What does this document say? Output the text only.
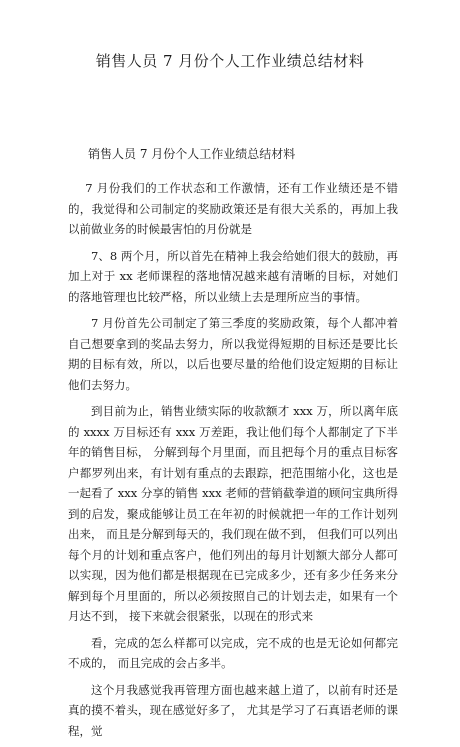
销售人员 7 月份个人工作业绩总结材料
销售人员 7 月份个人工作业绩总结材料

7 月份我们的工作状态和工作激情，还有工作业绩还是不错的，我觉得和公司制定的奖励政策还是有很大关系的，再加上我以前做业务的时候最害怕的月份就是

7、8 两个月，所以首先在精神上我会给她们很大的鼓励，再加上对于 xx 老师课程的落地情况越来越有清晰的目标，对她们的落地管理也比较严格，所以业绩上去是理所应当的事情。

7 月份首先公司制定了第三季度的奖励政策，每个人都冲着自己想要拿到的奖品去努力，所以我觉得短期的目标还是要比长期的目标有效，所以，以后也要尽量的给他们设定短期的目标让他们去努力。

到目前为止，销售业绩实际的收款额才 xxx 万，所以离年底的 xxxx 万目标还有 xxx 万差距，我让他们每个人都制定了下半年的销售目标， 分解到每个月里面，而且把每个月的重点目标客户都罗列出来，有计划有重点的去跟踪，把范围缩小化，这也是一起看了 xxx 分享的销售 xxx 老师的营销截拳道的顾问宝典所得到的启发，聚成能够让员工在年初的时候就把一年的工作计划列出来， 而且是分解到每天的，我们现在做不到， 但我们可以列出每个月的计划和重点客户，他们列出的每月计划额大部分人都可以实现，因为他们都是根据现在已完成多少，还有多少任务来分解到每个月里面的，所以必须按照自己的计划去走，如果有一个月达不到， 接下来就会很紧张，以现在的形式来

看，完成的怎么样都可以完成，完不成的也是无论如何都完不成的， 而且完成的会占多半。

这个月我感觉我再管理方面也越来越上道了，以前有时还是真的摸不着头，现在感觉好多了， 尤其是学习了石真语老师的课程，觉
